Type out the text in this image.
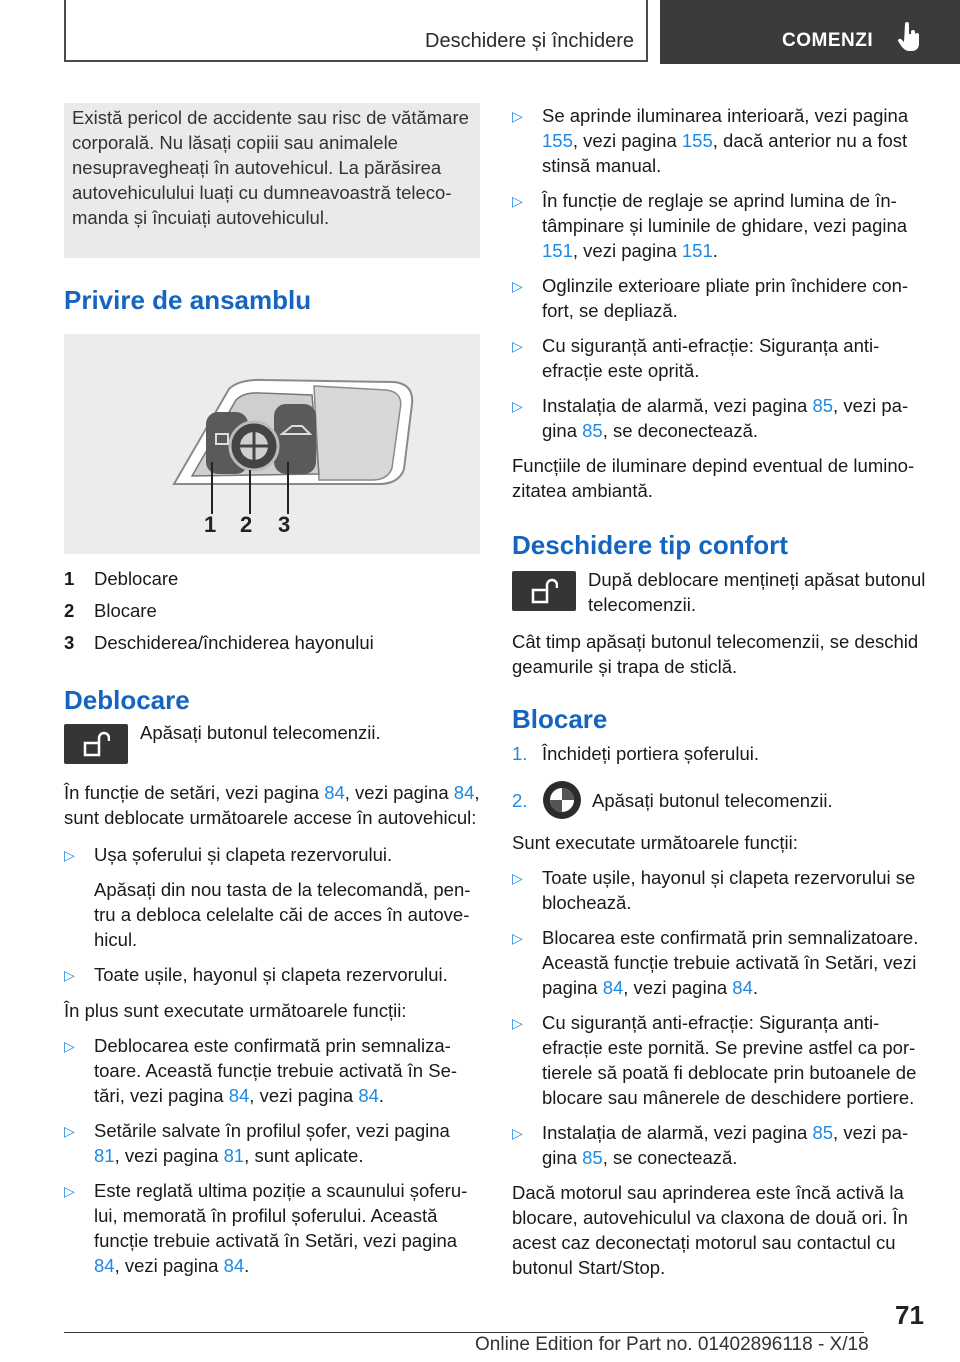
Deschidere și închidere	COMENZI

Există pericol de accidente sau risc de vătămare corporală. Nu lăsați copiii sau animalele nesupravegheați în autovehicul. La părăsirea autovehiculului luați cu dumneavoastră telecomanda și încuiați autovehiculul.

Privire de ansamblu
1 2 3
1	Deblocare
2	Blocare
3	Deschiderea/închiderea hayonului
Deblocare

Apăsați butonul telecomenzii.

În funcție de setări, vezi pagina 84, vezi pagina 84, sunt deblocate următoarele accese în autovehicul:

▷	Ușa șoferului și clapeta rezervorului.

Apăsați din nou tasta de la telecomandă, pentru a debloca celelalte căi de acces în autovehicul.

▷	Toate ușile, hayonul și clapeta rezervorului.

În plus sunt executate următoarele funcții:

▷	Deblocarea este confirmată prin semnalizatoare. Această funcție trebuie activată în Setări, vezi pagina 84, vezi pagina 84.

▷	Setările salvate în profilul șofer, vezi pagina 81, vezi pagina 81, sunt aplicate.

▷	Este reglată ultima poziție a scaunului șoferului, memorată în profilul șoferului. Această funcție trebuie activată în Setări, vezi pagina 84, vezi pagina 84.

▷	Se aprinde iluminarea interioară, vezi pagina 155, vezi pagina 155, dacă anterior nu a fost stinsă manual.

▷	În funcție de reglaje se aprind lumina de întâmpinare și luminile de ghidare, vezi pagina 151, vezi pagina 151.

▷	Oglinzile exterioare pliate prin închidere confort, se depliază.

▷	Cu siguranță anti-efracție: Siguranța anti-efracție este oprită.

▷	Instalația de alarmă, vezi pagina 85, vezi pagina 85, se deconectează.

Funcțiile de iluminare depind eventual de luminozitatea ambiantă.

Deschidere tip confort

După deblocare mențineți apăsat butonul telecomenzii.

Cât timp apăsați butonul telecomenzii, se deschid geamurile și trapa de sticlă.

Blocare
1. Închideți portiera șoferului.

2.	Apăsați butonul telecomenzii.

Sunt executate următoarele funcții:

▷	Toate ușile, hayonul și clapeta rezervorului se blochează.

▷	Blocarea este confirmată prin semnalizatoare. Această funcție trebuie activată în Setări, vezi pagina 84, vezi pagina 84.

▷	Cu siguranță anti-efracție: Siguranța anti-efracție este pornită. Se previne astfel ca portierele să poată fi deblocate prin butoanele de blocare sau mânerele de deschidere portiere.

▷	Instalația de alarmă, vezi pagina 85, vezi pagina 85, se conectează.

Dacă motorul sau aprinderea este încă activă la blocare, autovehiculul va claxona de două ori. În acest caz deconectați motorul sau contactul cu butonul Start/Stop.

71
Online Edition for Part no. 01402896118 - X/18
